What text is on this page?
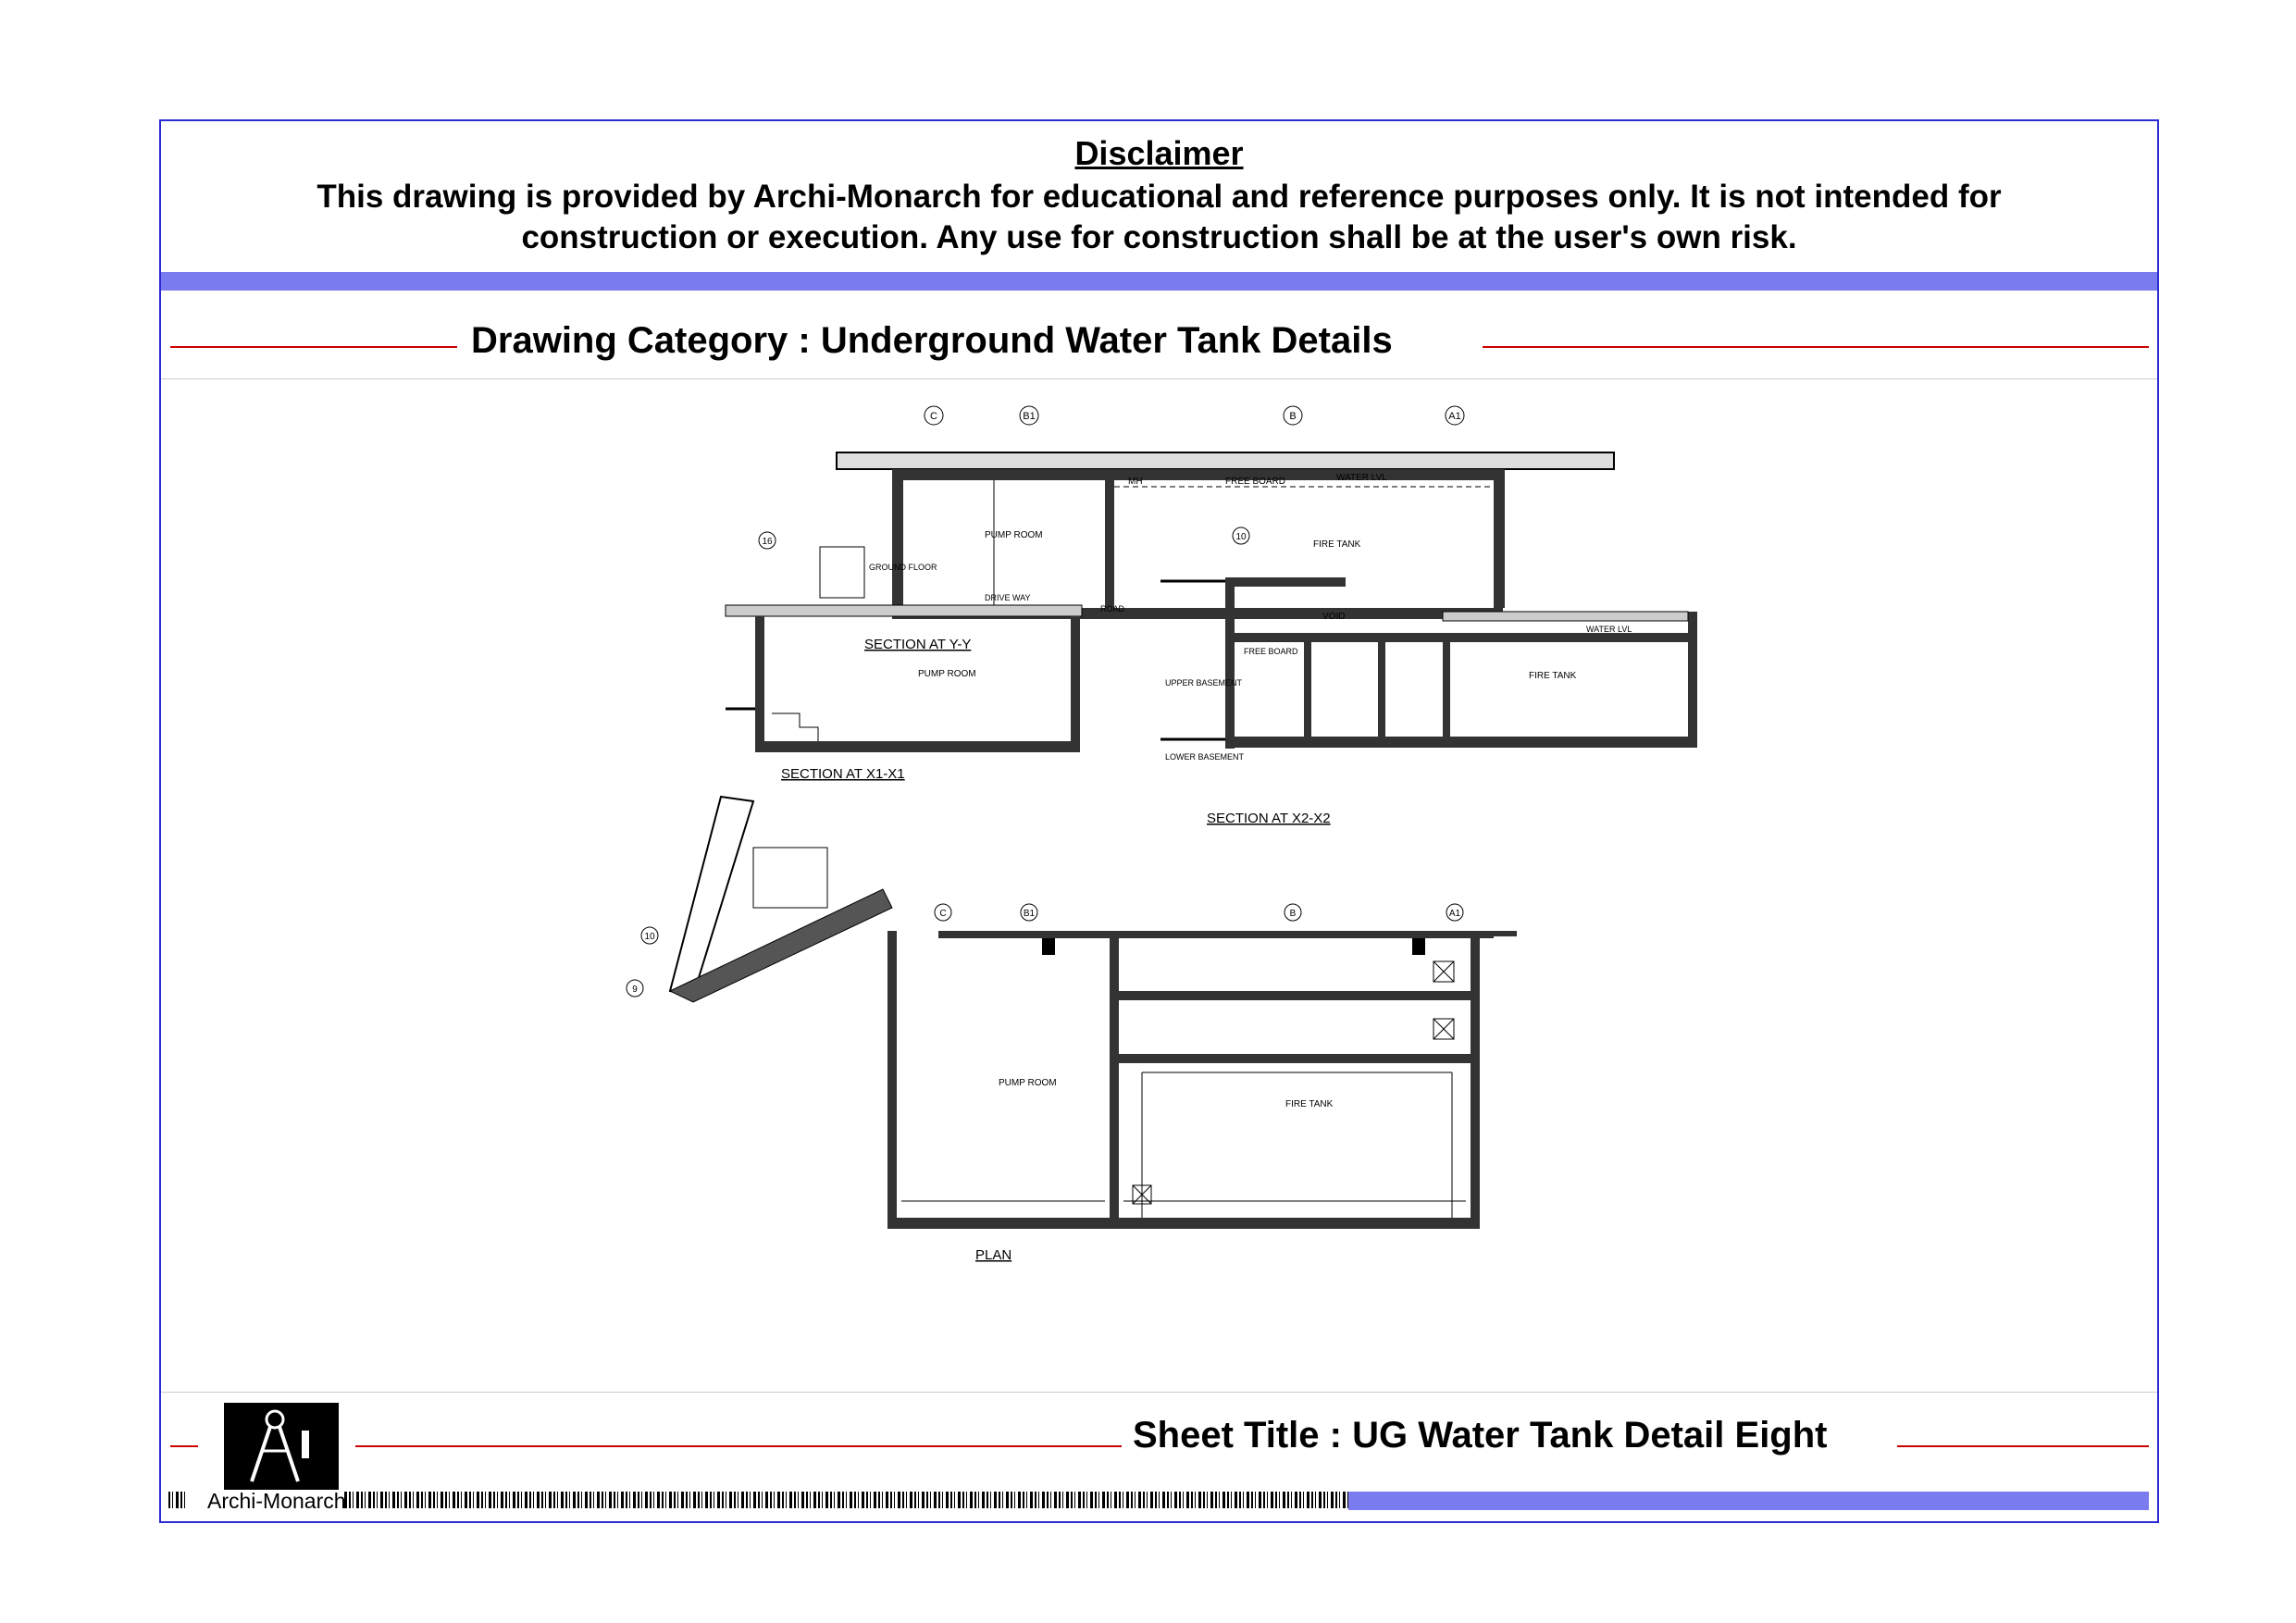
Disclaimer
This drawing is provided by Archi-Monarch for educational and reference purposes only. It is not intended for
construction or execution. Any use for construction shall be at the user's own risk.
Drawing Category : Underground Water Tank Details
PUMP ROOM
FIRE TANK
FREE BOARD	WATER LVL
MH
C	B1	B	A1
SECTION AT Y-Y
PUMP ROOM
GROUND FLOOR
DRIVE WAY
ROAD
16
SECTION AT X1-X1
VOID
FIRE TANK
FREE BOARD
WATER LVL
UPPER BASEMENT
LOWER BASEMENT
10
SECTION AT X2-X2
PUMP ROOM
FIRE TANK
C	B1	B	A1
10
9
PLAN
Sheet Title : UG Water Tank Detail Eight
Archi-Monarch
